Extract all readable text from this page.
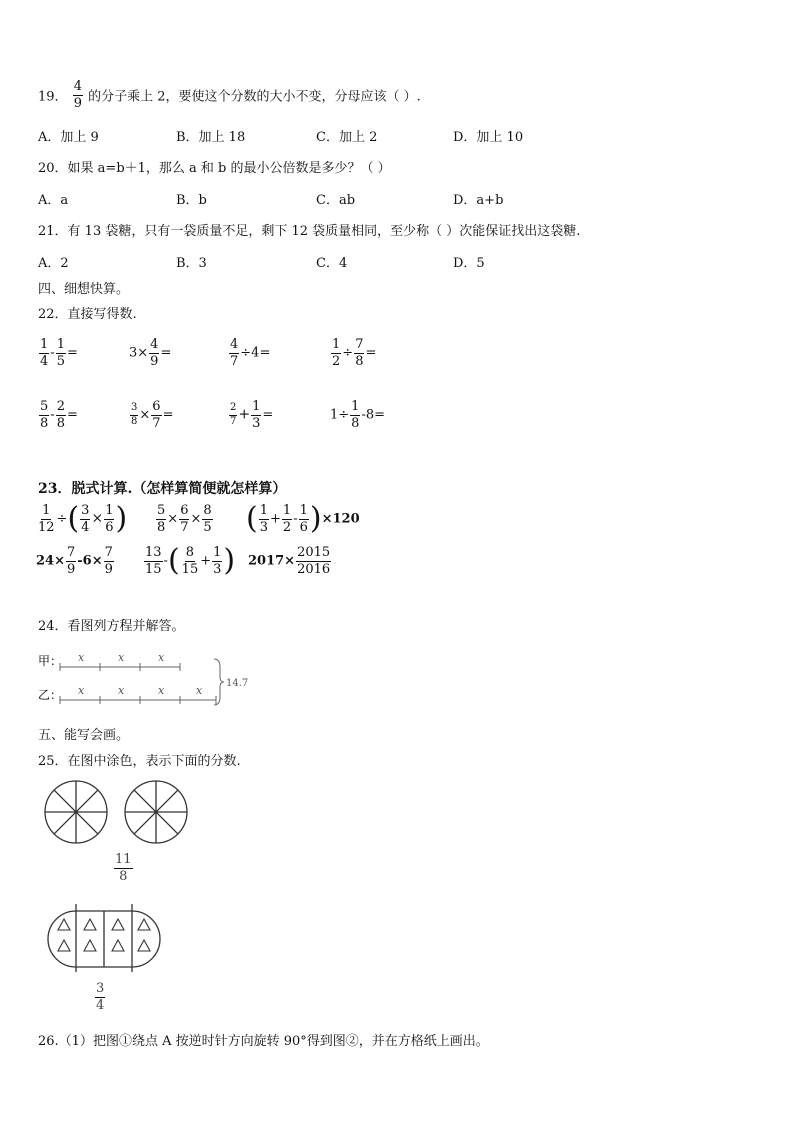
19． $\frac{4}{9}$ 的分子乘上 2，要使这个分数的大小不变，分母应该（ ）.
A．加上 9	B．加上 18	C．加上 2	D．加上 10
20．如果 a=b＋1，那么 a 和 b 的最小公倍数是多少？（ ）
A．a	B．b	C．ab	D．a+b
21．有 13 袋糖，只有一袋质量不足，剩下 12 袋质量相同，至少称（ ）次能保证找出这袋糖.
A．2	B．3	C．4	D．5
四、细想快算。
22．直接写得数.
$\frac{1}{4} - \frac{1}{5}$ =	$3\times \frac{4}{9}$ =	$\frac{4}{7} \div 4=$	$\frac{1}{2} \div \frac{7}{8}$ =
$\frac{5}{8} - \frac{2}{8}$ =	$\frac{3}{8} \times \frac{6}{7}$ =	$\frac{2}{7} + \frac{1}{3}$ =	$1\div \frac{1}{8} -8=$
23．脱式计算.（怎样算简便就怎样算）
$\frac{1}{12}$ ÷( $\frac{3}{4} \times \frac{1}{6}$ ) $\frac{5}{8} \times \frac{6}{7} \times \frac{8}{5}$ ( $\frac{1}{3} + \frac{1}{2} - \frac{1}{6} )\times 120$
$24\times \frac{7}{9} -6\times \frac{7}{9} \frac{13}{15}$ -( $\frac{8}{15} + \frac{1}{3}$ ) $2017\times \frac{2015}{2016}$
24．看图列方程并解答。
甲：
乙：
x	x	x
x	x	x	x
14.7
五、能写会画。
25．在图中涂色，表示下面的分数.
$\frac{11}{8}$
$\frac{3}{4}$
26.（1）把图①绕点 A 按逆时针方向旋转 90°得到图②，并在方格纸上画出。
